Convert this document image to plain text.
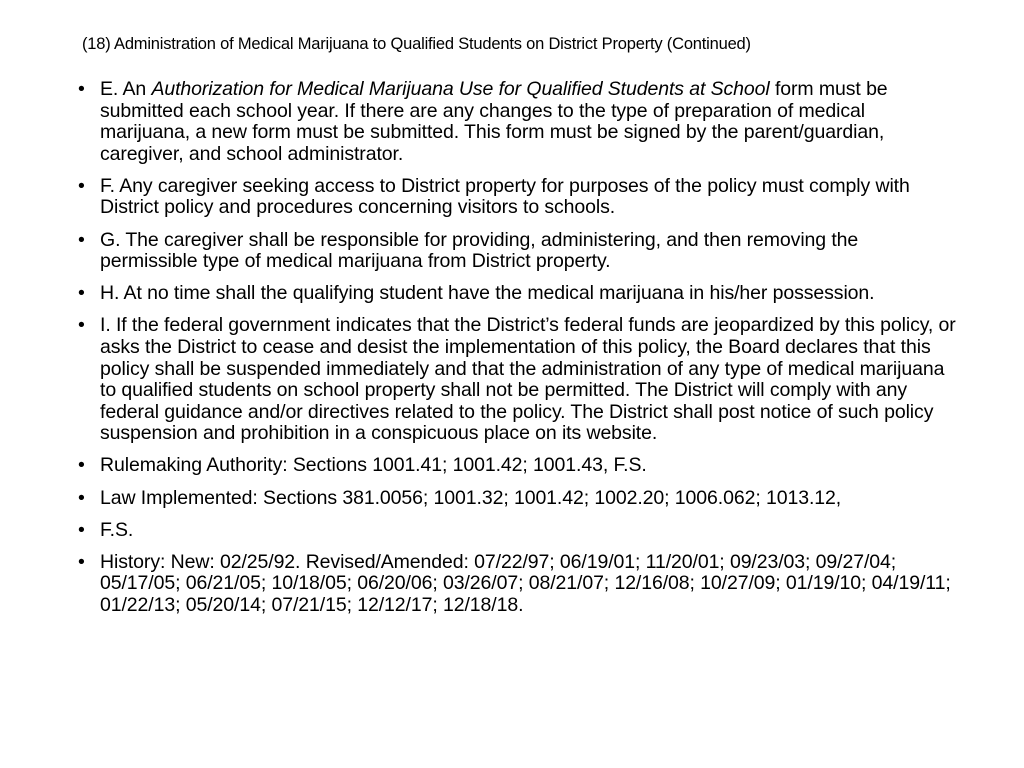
(18) Administration of Medical Marijuana to Qualified Students on District Property (Continued)
• E. An Authorization for Medical Marijuana Use for Qualified Students at School form must be submitted each school year. If there are any changes to the type of preparation of medical marijuana, a new form must be submitted. This form must be signed by the parent/guardian, caregiver, and school administrator.
• F. Any caregiver seeking access to District property for purposes of the policy must comply with District policy and procedures concerning visitors to schools.
• G. The caregiver shall be responsible for providing, administering, and then removing the permissible type of medical marijuana from District property.
• H. At no time shall the qualifying student have the medical marijuana in his/her possession.
• I. If the federal government indicates that the District’s federal funds are jeopardized by this policy, or asks the District to cease and desist the implementation of this policy, the Board declares that this policy shall be suspended immediately and that the administration of any type of medical marijuana to qualified students on school property shall not be permitted. The District will comply with any federal guidance and/or directives related to the policy. The District shall post notice of such policy suspension and prohibition in a conspicuous place on its website.
• Rulemaking Authority: Sections 1001.41; 1001.42; 1001.43, F.S.
• Law Implemented: Sections 381.0056; 1001.32; 1001.42; 1002.20; 1006.062; 1013.12,
• F.S.
• History: New: 02/25/92. Revised/Amended: 07/22/97; 06/19/01; 11/20/01; 09/23/03; 09/27/04; 05/17/05; 06/21/05; 10/18/05; 06/20/06; 03/26/07; 08/21/07; 12/16/08; 10/27/09; 01/19/10; 04/19/11; 01/22/13; 05/20/14; 07/21/15; 12/12/17; 12/18/18.
